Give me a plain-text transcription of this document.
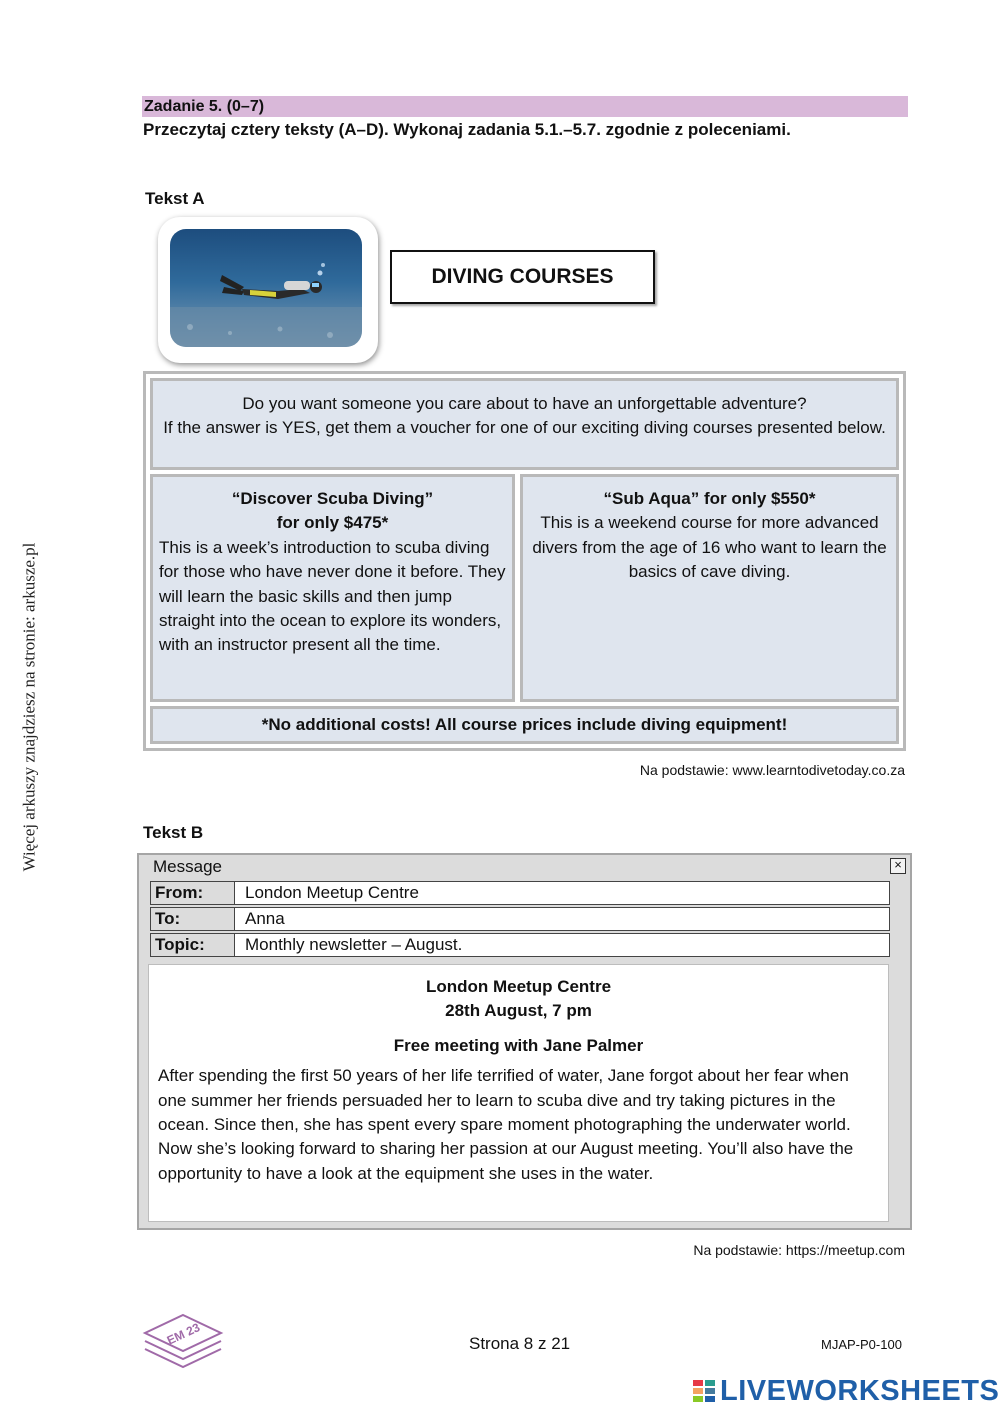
Więcej arkuszy znajdziesz na stronie: arkusze.pl
Zadanie 5. (0–7)
Przeczytaj cztery teksty (A–D). Wykonaj zadania 5.1.–5.7. zgodnie z poleceniami.
Tekst A
DIVING COURSES
Do you want someone you care about to have an unforgettable adventure?
If the answer is YES, get them a voucher for one of our exciting diving courses presented below.
“Discover Scuba Diving”
for only $475*
This is a week’s introduction to scuba diving for those who have never done it before. They will learn the basic skills and then jump straight into the ocean to explore its wonders, with an instructor present all the time.
“Sub Aqua” for only $550*
This is a weekend course for more advanced divers from the age of 16 who want to learn the basics of cave diving.
*No additional costs! All course prices include diving equipment!
Na podstawie: www.learntodivetoday.co.za
Tekst B
Message	×
From:	London Meetup Centre
To:	Anna
Topic:	Monthly newsletter – August.
London Meetup Centre
28th August, 7 pm
Free meeting with Jane Palmer
After spending the first 50 years of her life terrified of water, Jane forgot about her fear when one summer her friends persuaded her to learn to scuba dive and try taking pictures in the ocean. Since then, she has spent every spare moment photographing the underwater world. Now she’s looking forward to sharing her passion at our August meeting. You’ll also have the opportunity to have a look at the equipment she uses in the water.
Na podstawie: https://meetup.com
EM 23	Strona 8 z 21	MJAP-P0-100
LIVEWORKSHEETS
